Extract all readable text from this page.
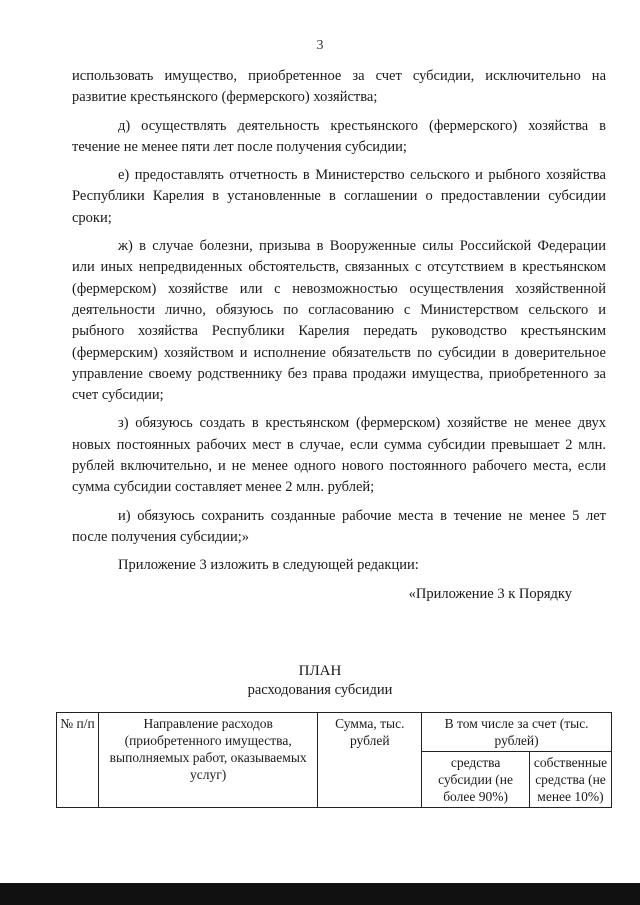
3

использовать имущество, приобретенное за счет субсидии, исключительно на развитие крестьянского (фермерского) хозяйства;

д) осуществлять деятельность крестьянского (фермерского) хозяйства в течение не менее пяти лет после получения субсидии;

е) предоставлять отчетность в Министерство сельского и рыбного хозяйства Республики Карелия в установленные в соглашении о предоставлении субсидии сроки;

ж) в случае болезни, призыва в Вооруженные силы Российской Федерации или иных непредвиденных обстоятельств, связанных с отсутствием в крестьянском (фермерском) хозяйстве или с невозможностью осуществления хозяйственной деятельности лично, обязуюсь по согласованию с Министерством сельского и рыбного хозяйства Республики Карелия передать руководство крестьянским (фермерским) хозяйством и исполнение обязательств по субсидии в доверительное управление своему родственнику без права продажи имущества, приобретенного за счет субсидии;

з) обязуюсь создать в крестьянском (фермерском) хозяйстве не менее двух новых постоянных рабочих мест в случае, если сумма субсидии превышает 2 млн. рублей включительно, и не менее одного нового постоянного рабочего места, если сумма субсидии составляет менее 2 млн. рублей;

и) обязуюсь сохранить созданные рабочие места в течение не менее 5 лет после получения субсидии;»

Приложение 3 изложить в следующей редакции:

«Приложение 3 к Порядку

ПЛАН
расходования субсидии
№ п/п	Направление расходов (приобретенного имущества, выполняемых работ, оказываемых услуг)	Сумма, тыс. рублей	В том числе за счет (тыс. рублей)	
			средства субсидии (не более 90%)	собственные средства (не менее 10%)
